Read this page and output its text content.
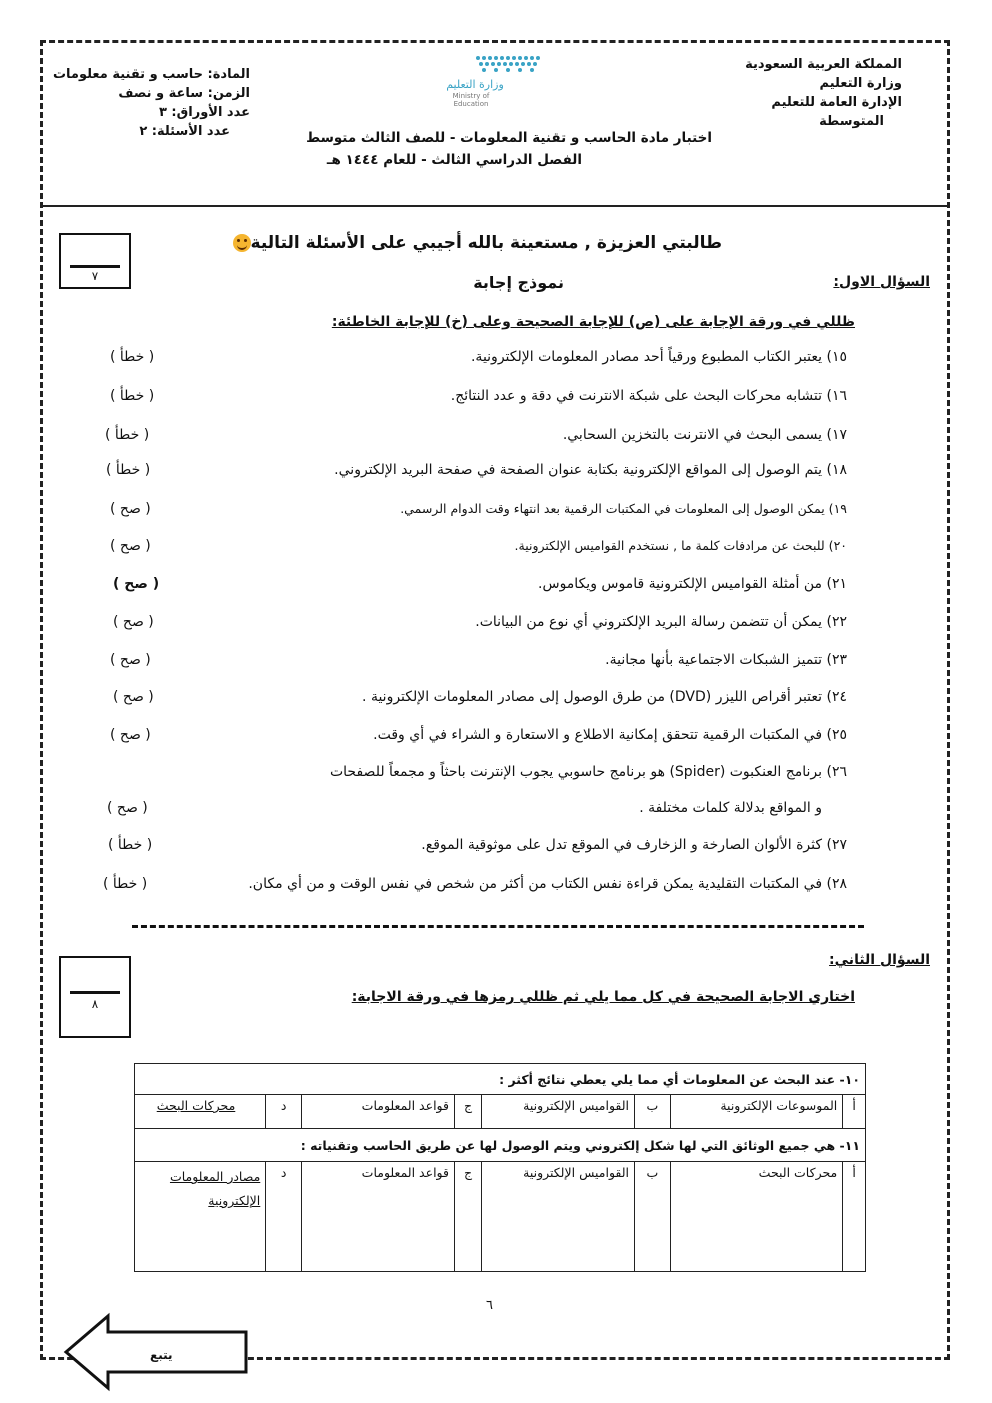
المملكة العربية السعودية
وزارة التعليم
الإدارة العامة للتعليم
المتوسطة
المادة: حاسب و تقنية معلومات
الزمن: ساعة و نصف
عدد الأوراق: ٣
عدد الأسئلة: ٢
وزارة التعليم
Ministry of Education
اختبار مادة الحاسب و تقنية المعلومات - للصف الثالث متوسط
الفصل الدراسي الثالث - للعام ١٤٤٤ هـ
طالبتي العزيزة , مستعينة بالله أجيبي على الأسئلة التالية
٧	السؤال الاول:
نموذج إجابة
ظللي في ورقة الإجابة على (ص) للإجابة الصحيحة وعلى (خ) للإجابة الخاطئة:
١٥) يعتبر الكتاب المطبوع ورقياً أحد مصادر المعلومات الإلكترونية.
( خطأ )
١٦) تتشابه محركات البحث على شبكة الانترنت في دقة و عدد النتائج.
( خطأ )
١٧) يسمى البحث في الانترنت بالتخزين السحابي.
( خطأ )
١٨) يتم الوصول إلى المواقع الإلكترونية بكتابة عنوان الصفحة في صفحة البريد الإلكتروني.
( خطأ )
١٩) يمكن الوصول إلى المعلومات في المكتبات الرقمية بعد انتهاء وقت الدوام الرسمي.
( صح )
٢٠) للبحث عن مرادفات كلمة ما , نستخدم القواميس الإلكترونية.
( صح )
٢١) من أمثلة القواميس الإلكترونية قاموس ويكاموس.
( صح )
٢٢) يمكن أن تتضمن رسالة البريد الإلكتروني أي نوع من البيانات.
( صح )
٢٣) تتميز الشبكات الاجتماعية بأنها مجانية.
( صح )
٢٤) تعتبر أقراص الليزر (DVD) من طرق الوصول إلى مصادر المعلومات الإلكترونية .
( صح )
٢٥) في المكتبات الرقمية تتحقق إمكانية الاطلاع و الاستعارة و الشراء في أي وقت.
( صح )
٢٦) برنامج العنكبوت (Spider) هو برنامج حاسوبي يجوب الإنترنت باحثاً و مجمعاً للصفحات
و المواقع بدلالة كلمات مختلفة .
( صح )
٢٧) كثرة الألوان الصارخة و الزخارف في الموقع تدل على موثوقية الموقع.
( خطأ )
٢٨) في المكتبات التقليدية يمكن قراءة نفس الكتاب من أكثر من شخص في نفس الوقت و من أي مكان.
( خطأ )
السؤال الثاني:
٨	اختاري الاجابة الصحيحة في كل مما يلي ثم ظللي رمزها في ورقة الاجابة:
١٠- عند البحث عن المعلومات أي مما يلي يعطي نتائج أكثر :							
أ	الموسوعات الإلكترونية	ب	القواميس الإلكترونية	ج	قواعد المعلومات	د	محركات البحث
١١- هي جميع الوثائق التي لها شكل إلكتروني ويتم الوصول لها عن طريق الحاسب وتقنياته :							
أ	محركات البحث	ب	القواميس الإلكترونية	ج	قواعد المعلومات	د	مصادر المعلومات الإلكترونية
٦
يتبع
